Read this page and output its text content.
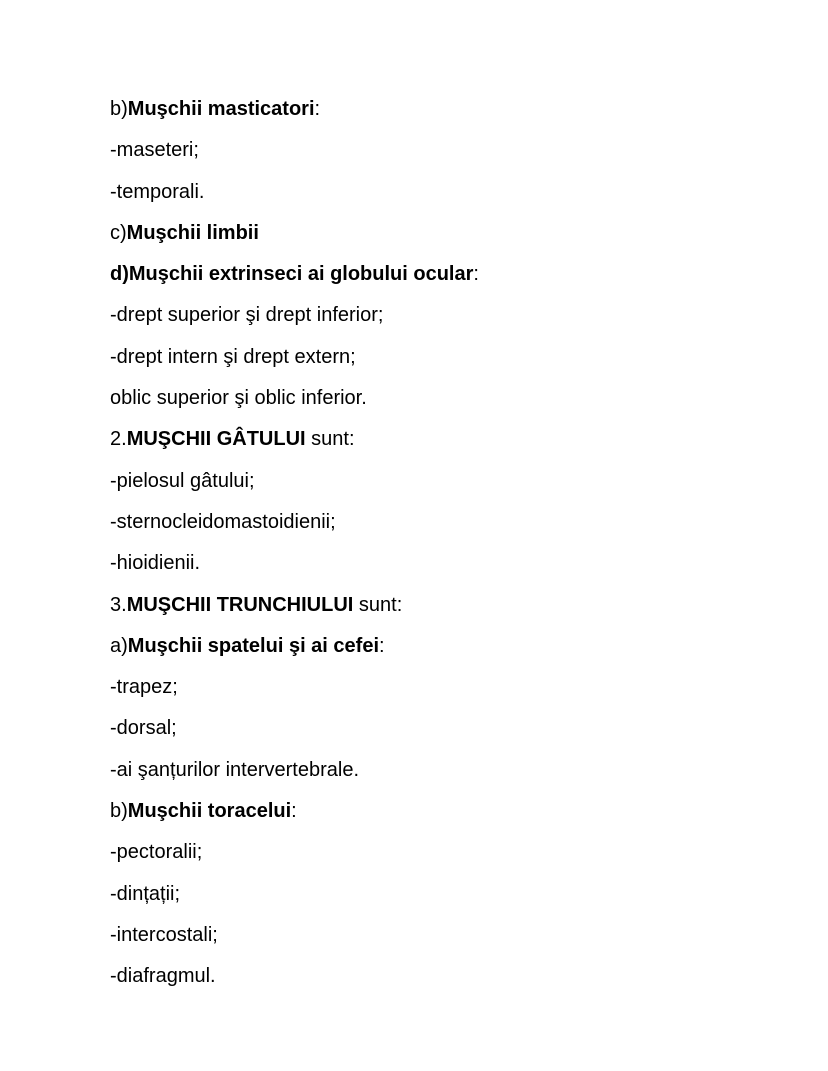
b)Muşchii masticatori:
-maseteri;
-temporali.
c)Muşchii limbii
d)Muşchii extrinseci ai globului ocular:
-drept superior şi drept inferior;
-drept intern şi drept extern;
oblic superior şi oblic inferior.
2.MUŞCHII GÂTULUI sunt:
-pielosul gâtului;
-sternocleidomastoidienii;
-hioidienii.
3.MUŞCHII TRUNCHIULUI sunt:
a)Muşchii spatelui şi ai cefei:
-trapez;
-dorsal;
-ai şanțurilor intervertebrale.
b)Muşchii toracelui:
-pectoralii;
-dințații;
-intercostali;
-diafragmul.
